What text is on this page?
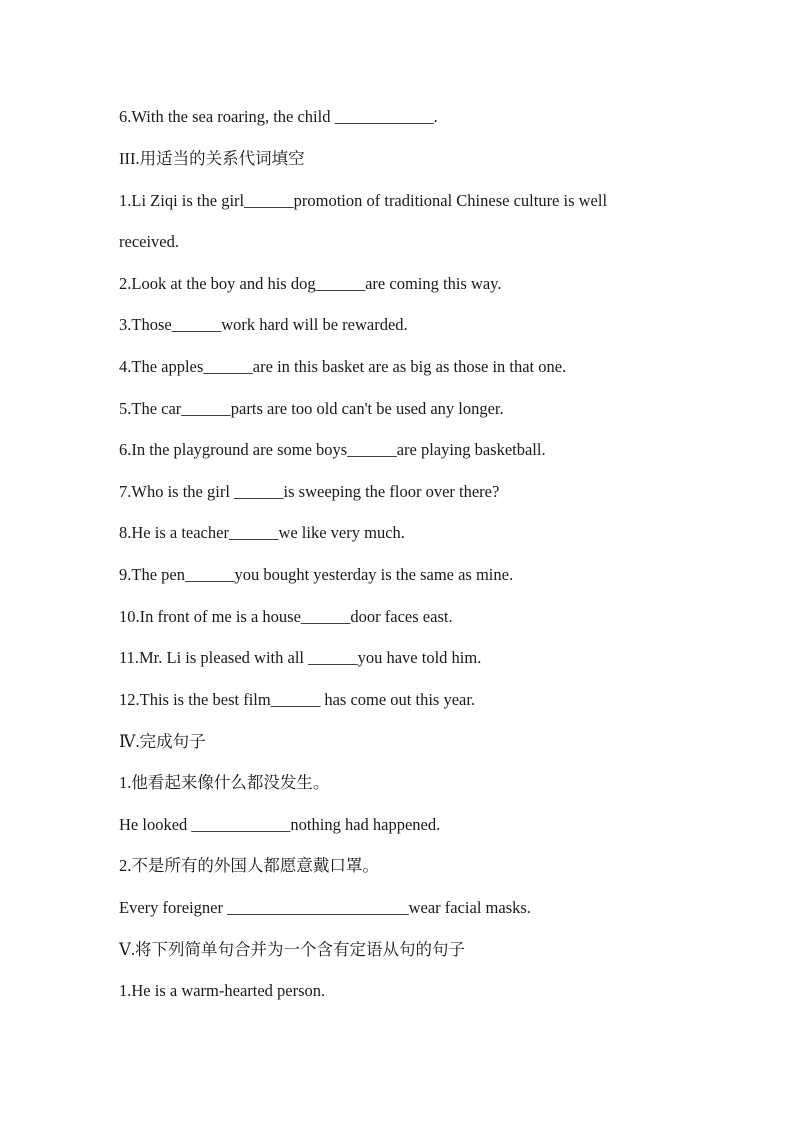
6.With the sea roaring, the child ____________.
III.用适当的关系代词填空
1.Li Ziqi is the girl______promotion of traditional Chinese culture is well
received.
2.Look at the boy and his dog______are coming this way.
3.Those______work hard will be rewarded.
4.The apples______are in this basket are as big as those in that one.
5.The car______parts are too old can't be used any longer.
6.In the playground are some boys______are playing basketball.
7.Who is the girl ______is sweeping the floor over there?
8.He is a teacher______we like very much.
9.The pen______you bought yesterday is the same as mine.
10.In front of me is a house______door faces east.
11.Mr. Li is pleased with all ______you have told him.
12.This is the best film______ has come out this year.
Ⅳ.完成句子
1.他看起来像什么都没发生。
He looked ____________nothing had happened.
2.不是所有的外国人都愿意戴口罩。
Every foreigner ______________________wear facial masks.
Ⅴ.将下列简单句合并为一个含有定语从句的句子
1.He is a warm-hearted person.
